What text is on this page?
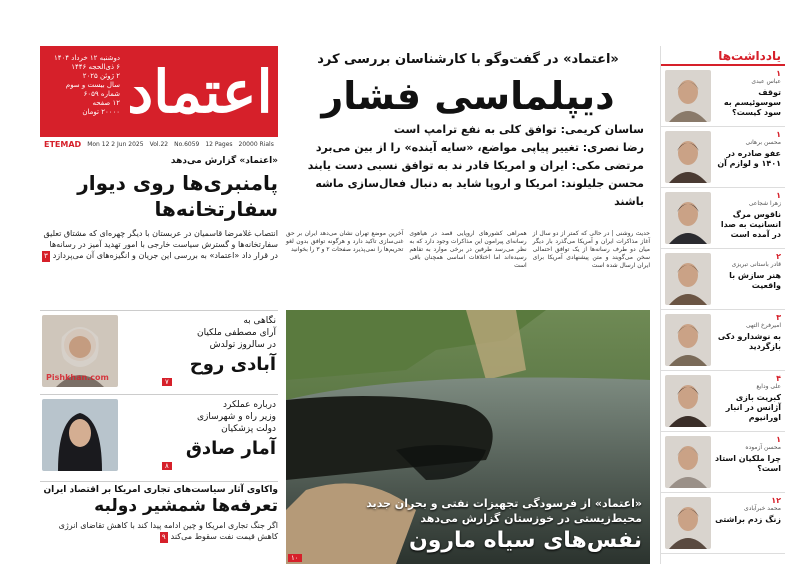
دوشنبه ۱۲ خرداد ۱۴۰۴
۶ ذی‌الحجه ۱۴۴۶
۲ ژوئن ۲۰۲۵
سال بیست و سوم
شماره ۶۰۵۹
۱۲ صفحه
۲۰۰۰۰ تومان اعتماد
ETEMAD Mon 12 2 Jun 2025 Vol.22 No.6059 12 Pages 20000 Rials
«اعتماد» گزارش می‌دهد
پامنبری‌ها روی دیوار سفارتخانه‌ها
انتصاب غلامرضا قاسمیان در عربستان با دیگر چهره‌ای که مشتاق تعلیق سفارتخانه‌ها و گسترش سیاست خارجی با امور تهدید آمیز در رسانه‌ها در قرار داد «اعتماد» به بررسی این جریان و انگیزه‌های آن می‌پردازد۳
Pishkhan.com
نگاهی به
آرای مصطفی ملکیان
در سالروز تولدش
آبادی روح
۷
درباره عملکرد
وزیر راه و شهرسازی
دولت پزشکیان
آمار صادق
۸
واکاوی آثار سیاست‌های تجاری امریکا بر اقتصاد ایران
تعرفه‌ها شمشیر دولبه
اگر جنگ تجاری امریکا و چین ادامه پیدا کند با کاهش تقاضای انرژی کاهش قیمت نفت سقوط می‌کند۹
«اعتماد» در گفت‌وگو با کارشناسان بررسی کرد
دیپلماسی فشار
ساسان کریمی: توافق کلی به نفع ترامپ است
رضا نصری: تغییر پیاپی مواضع، «سایه آینده» را از بین می‌برد
مرتضی مکی: ایران و امریکا قادر ند به توافق نسبی دست یابند
محسن جلیلوند: امریکا و اروپا شاید به دنبال فعال‌سازی ماشه باشند
حدیث روشنی | در حالی که کمتر از دو سال از آغاز مذاکرات ایران و آمریکا می‌گذرد بار دیگر میان دو طرف رسانه‌ها از یک توافق احتمالی سخن می‌گویند و متن پیشنهادی آمریکا برای ایران ارسال شده است
همراهی کشورهای اروپایی قصد در هیاهوی رسانه‌ای پیرامون این مذاکرات وجود دارد که به نظر می‌رسد طرفین در برخی موارد به تفاهم رسیده‌اند اما اختلافات اساسی همچنان باقی است
آخرین موضع تهران نشان می‌دهد ایران بر حق غنی‌سازی تاکید دارد و هرگونه توافق بدون لغو تحریم‌ها را نمی‌پذیرد صفحات ۲ و ۳ را بخوانید
«اعتماد» از فرسودگی تجهیزات نفتی و بحران جدید محیط‌زیستی در خوزستان گزارش می‌دهد
نفس‌های سیاه مارون
۱۰
یادداشت‌ها
۱
عباس عبدی
توقف سوسوئیسم به سود کیست؟
۱
محسن برهانی
عفو صادره در ۱۴۰۱ و لوازم آن
۱
زهرا شجاعی
ناقوس مرگ انسانیت به صدا در آمده است
۲
قادر باستانی تبریزی
هنر سازش با واقعیت
۳
امیرفرخ التهی
به نوشدارو دکی بازگردید
۴
علی ودایع
کبریت بازی آژانس در انبار اورانیوم
۱
محسن آزموده
چرا ملکیان استاد است؟
۱۲
محمد خبرآبادی
زنگ زدم براشتی
